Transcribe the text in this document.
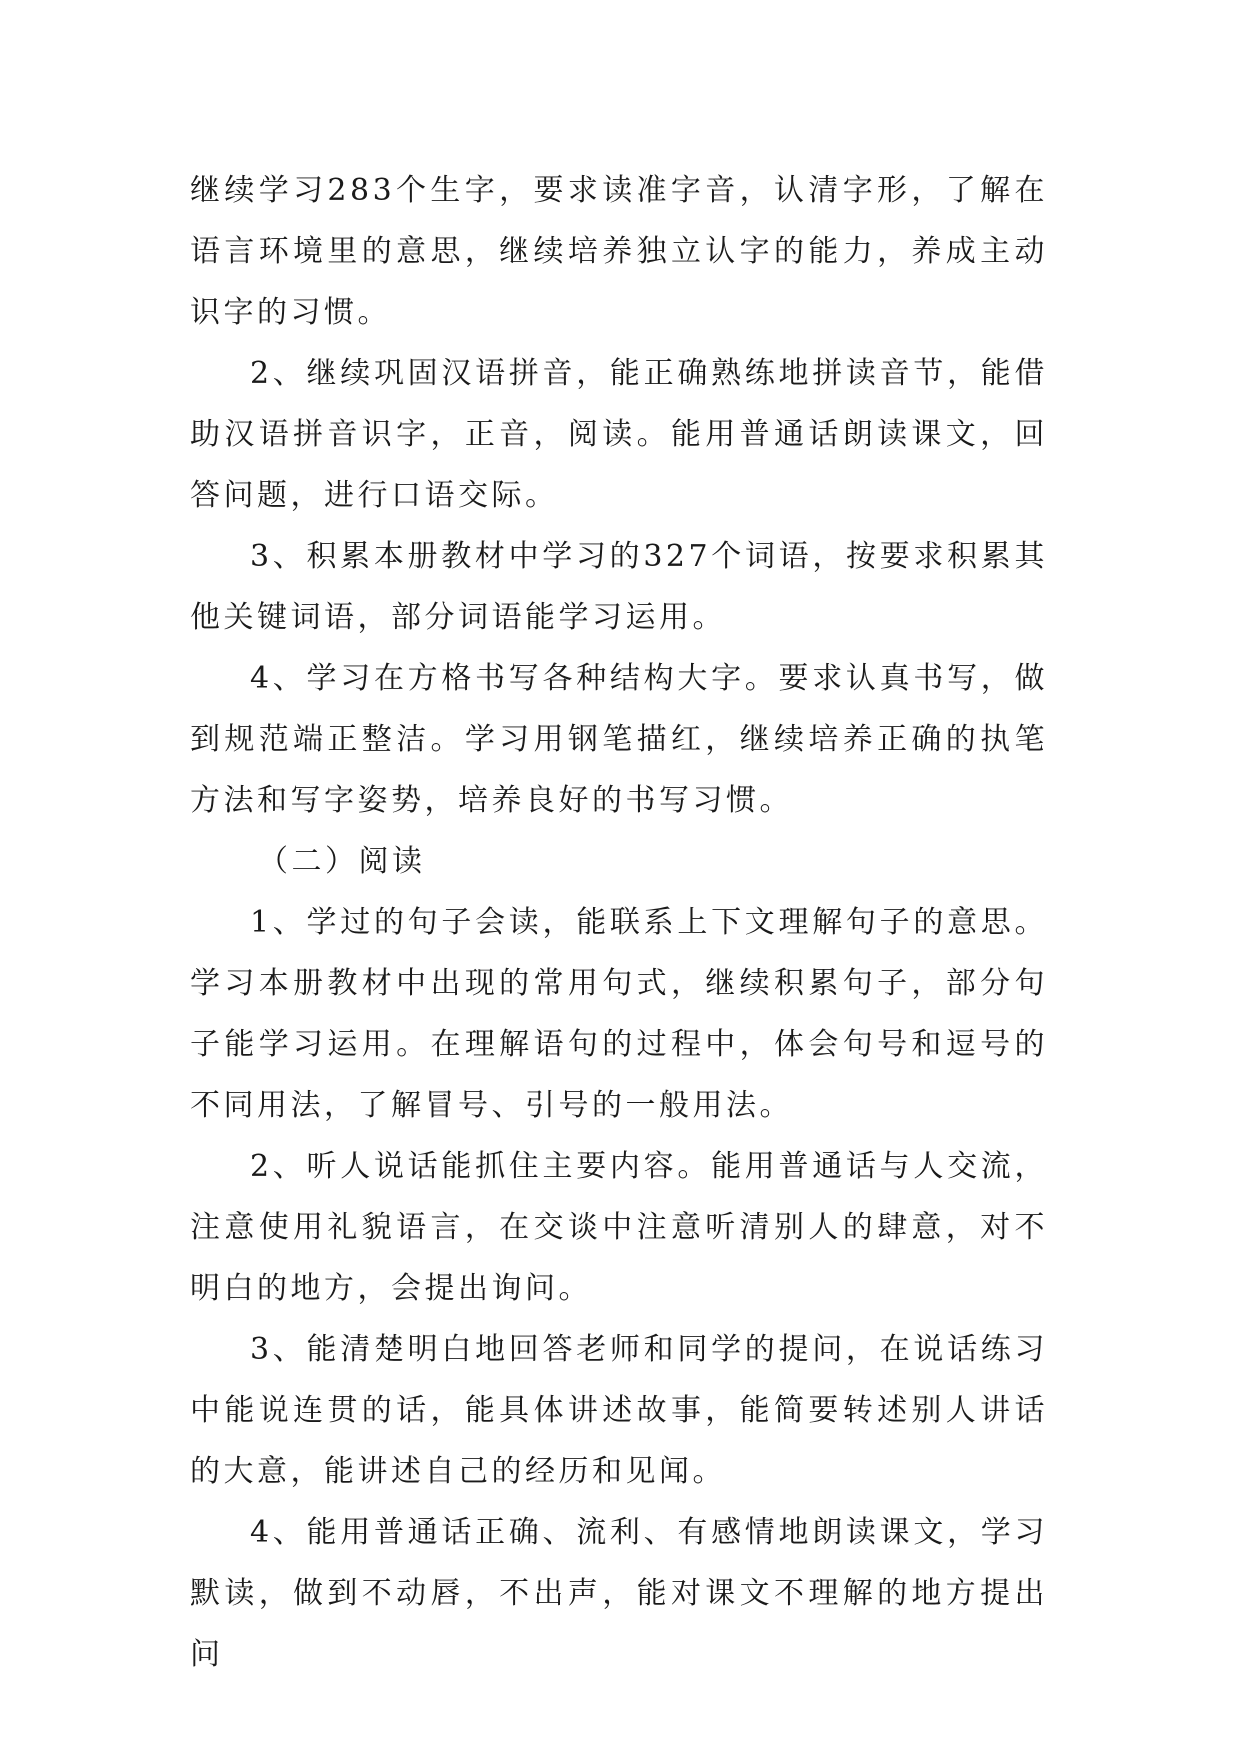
继续学习283个生字，要求读准字音，认清字形，了解在语言环境里的意思，继续培养独立认字的能力，养成主动识字的习惯。

2、继续巩固汉语拼音，能正确熟练地拼读音节，能借助汉语拼音识字，正音，阅读。能用普通话朗读课文，回答问题，进行口语交际。

3、积累本册教材中学习的327个词语，按要求积累其他关键词语，部分词语能学习运用。

4、学习在方格书写各种结构大字。要求认真书写，做到规范端正整洁。学习用钢笔描红，继续培养正确的执笔方法和写字姿势，培养良好的书写习惯。

（二）阅读

1、学过的句子会读，能联系上下文理解句子的意思。学习本册教材中出现的常用句式，继续积累句子，部分句子能学习运用。在理解语句的过程中，体会句号和逗号的不同用法，了解冒号、引号的一般用法。

2、听人说话能抓住主要内容。能用普通话与人交流，注意使用礼貌语言，在交谈中注意听清别人的肆意，对不明白的地方，会提出询问。

3、能清楚明白地回答老师和同学的提问，在说话练习中能说连贯的话，能具体讲述故事，能简要转述别人讲话的大意，能讲述自己的经历和见闻。

4、能用普通话正确、流利、有感情地朗读课文，学习默读，做到不动唇，不出声，能对课文不理解的地方提出问
